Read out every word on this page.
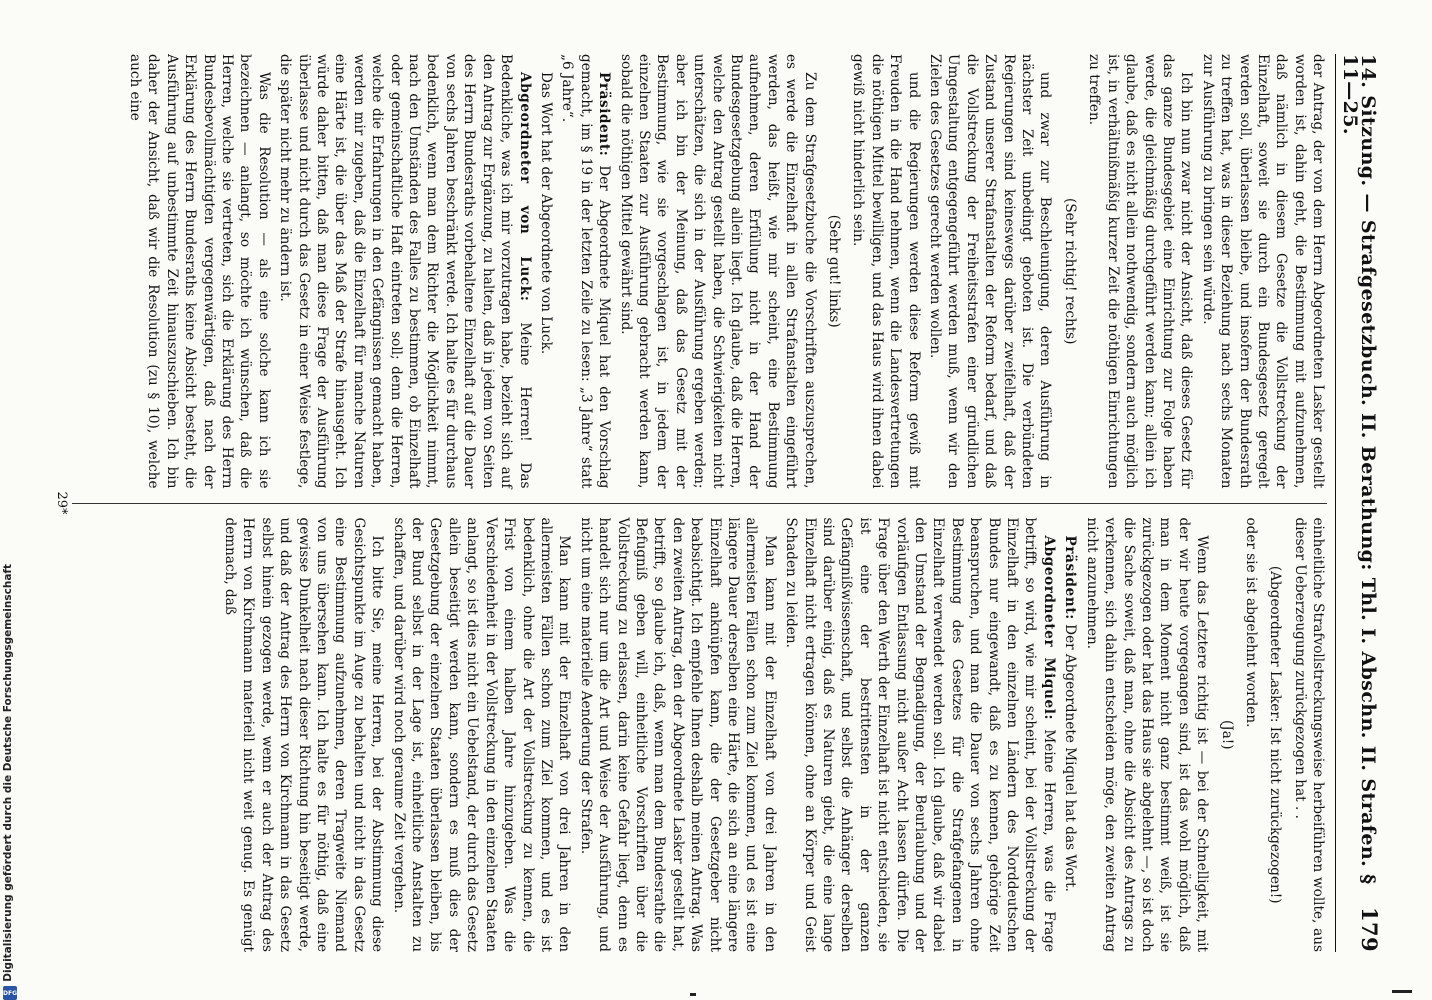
14. Sitzung. — Strafgesetzbuch. II. Berathung: Thl. I. Abschn. II. Strafen. § 11—25.
179

der Antrag, der von dem Herrn Abgeordneten Lasker gestellt worden ist, dahin geht, die Bestimmung mit aufzunehmen, daß nämlich in diesem Gesetze die Vollstreckung der Einzelhaft, soweit sie durch ein Bundesgesetz geregelt werden soll, überlassen bleibe, und insofern der Bundesrath zu treffen hat, was in dieser Beziehung nach sechs Monaten zur Ausführung zu bringen sein würde.

Ich bin nun zwar nicht der Ansicht, daß dieses Gesetz für das ganze Bundesgebiet eine Einrichtung zur Folge haben werde, die gleichmäßig durchgeführt werden kann; allein ich glaube, daß es nicht allein nothwendig, sondern auch möglich ist, in verhältnißmäßig kurzer Zeit die nöthigen Einrichtungen zu treffen.

(Sehr richtig! rechts)

und zwar zur Beschleunigung, deren Ausführung in nächster Zeit unbedingt geboten ist. Die verbündeten Regierungen sind keineswegs darüber zweifelhaft, daß der Zustand unserer Strafanstalten der Reform bedarf, und daß die Vollstreckung der Freiheitsstrafen einer gründlichen Umgestaltung entgegengeführt werden muß, wenn wir den Zielen des Gesetzes gerecht werden wollen.

und die Regierungen werden diese Reform gewiß mit Freuden in die Hand nehmen, wenn die Landesvertretungen die nöthigen Mittel bewilligen, und das Haus wird ihnen dabei gewiß nicht hinderlich sein.

(Sehr gut! links)

Zu dem Strafgesetzbuche die Vorschriften auszusprechen, es werde die Einzelhaft in allen Strafanstalten eingeführt werden, das heißt, wie mir scheint, eine Bestimmung aufnehmen, deren Erfüllung nicht in der Hand der Bundesgesetzgebung allein liegt. Ich glaube, daß die Herren, welche den Antrag gestellt haben, die Schwierigkeiten nicht unterschätzen, die sich in der Ausführung ergeben werden; aber ich bin der Meinung, daß das Gesetz mit der Bestimmung, wie sie vorgeschlagen ist, in jedem der einzelnen Staaten zur Ausführung gebracht werden kann, sobald die nöthigen Mittel gewährt sind.

Präsident: Der Abgeordnete Miquel hat den Vorschlag gemacht, im § 19 in der letzten Zeile zu lesen: „3 Jahre“ statt „6 Jahre“.

Das Wort hat der Abgeordnete von Luck.

Abgeordneter von Luck: Meine Herren! Das Bedenkliche, was ich mir vorzutragen habe, bezieht sich auf den Antrag zur Ergänzung, zu halten, daß in jedem von Seiten des Herrn Bundesraths vorbehaltene Einzelhaft auf die Dauer von sechs Jahren beschränkt werde. Ich halte es für durchaus bedenklich, wenn man dem Richter die Möglichkeit nimmt, nach den Umständen des Falles zu bestimmen, ob Einzelhaft oder gemeinschaftliche Haft eintreten soll; denn die Herren, welche die Erfahrungen in den Gefängnissen gemacht haben, werden mir zugeben, daß die Einzelhaft für manche Naturen eine Härte ist, die über das Maß der Strafe hinausgeht. Ich würde daher bitten, daß man diese Frage der Ausführung überlasse und nicht durch das Gesetz in einer Weise festlege, die später nicht mehr zu ändern ist.

Was die Resolution — als eine solche kann ich sie bezeichnen — anlangt, so möchte ich wünschen, daß die Herren, welche sie vertreten, sich die Erklärung des Herrn Bundesbevollmächtigten vergegenwärtigen, daß nach der Erklärung des Herrn Bundesraths keine Absicht besteht, die Ausführung auf unbestimmte Zeit hinauszuschieben. Ich bin daher der Ansicht, daß wir die Resolution (zu § 10), welche auch eine

einheitliche Strafvollstreckungsweise herbeiführen wollte, aus dieser Ueberzeugung zurückgezogen hat . .

(Abgeordneter Lasker: Ist nicht zurückgezogen!)

oder sie ist abgelehnt worden.

(Ja!)

Wenn das Letztere richtig ist — bei der Schnelligkeit, mit der wir heute vorgegangen sind, ist das wohl möglich, daß man in dem Moment nicht ganz bestimmt weiß, ist sie zurückgezogen oder hat das Haus sie abgelehnt —, so ist doch die Sache soweit, daß man, ohne die Absicht des Antrags zu verkennen, sich dahin entscheiden möge, den zweiten Antrag nicht anzunehmen.

Präsident: Der Abgeordnete Miquel hat das Wort.

Abgeordneter Miquel: Meine Herren, was die Frage betrifft, so wird, wie mir scheint, bei der Vollstreckung der Einzelhaft in den einzelnen Ländern des Norddeutschen Bundes nur eingewandt, daß es zu kennen, gehörige Zeit beanspruchen, und man die Dauer von sechs Jahren ohne Bestimmung des Gesetzes für die Strafgefangenen in Einzelhaft verwendet werden soll. Ich glaube, daß wir dabei den Umstand der Begnadigung, der Beurlaubung und der vorläufigen Entlassung nicht außer Acht lassen dürfen. Die Frage über den Werth der Einzelhaft ist nicht entschieden, sie ist eine der bestrittensten in der ganzen Gefängnißwissenschaft, und selbst die Anhänger derselben sind darüber einig, daß es Naturen giebt, die eine lange Einzelhaft nicht ertragen können, ohne an Körper und Geist Schaden zu leiden.

Man kann mit der Einzelhaft von drei Jahren in den allermeisten Fällen schon zum Ziel kommen, und es ist eine längere Dauer derselben eine Härte, die sich an eine längere Einzelhaft anknüpfen kann, die der Gesetzgeber nicht beabsichtigt. Ich empfehle Ihnen deshalb meinen Antrag. Was den zweiten Antrag, den der Abgeordnete Lasker gestellt hat, betrifft, so glaube ich, daß, wenn man dem Bundesrathe die Befugniß geben will, einheitliche Vorschriften über die Vollstreckung zu erlassen, darin keine Gefahr liegt, denn es handelt sich nur um die Art und Weise der Ausführung, und nicht um eine materielle Aenderung der Strafen.

Man kann mit der Einzelhaft von drei Jahren in den allermeisten Fällen schon zum Ziel kommen, und es ist bedenklich, ohne die Art der Vollstreckung zu kennen, die Frist von einem halben Jahre hinzugeben. Was die Verschiedenheit in der Vollstreckung in den einzelnen Staaten anlangt, so ist dies nicht ein Uebelstand, der durch das Gesetz allein beseitigt werden kann, sondern es muß dies der Gesetzgebung der einzelnen Staaten überlassen bleiben, bis der Bund selbst in der Lage ist, einheitliche Anstalten zu schaffen, und darüber wird noch geraume Zeit vergehen.

Ich bitte Sie, meine Herren, bei der Abstimmung diese Gesichtspunkte im Auge zu behalten und nicht in das Gesetz eine Bestimmung aufzunehmen, deren Tragweite Niemand von uns übersehen kann. Ich halte es für nöthig, daß eine gewisse Dunkelheit nach dieser Richtung hin beseitigt werde, und daß der Antrag des Herrn von Kirchmann in das Gesetz selbst hinein gezogen werde, wenn er auch der Antrag des Herrn von Kirchmann materiell nicht weit genug. Es genügt demnach, daß

29*
Digitalisierung gefördert durch die Deutsche Forschungsgemeinschaft
DFG
